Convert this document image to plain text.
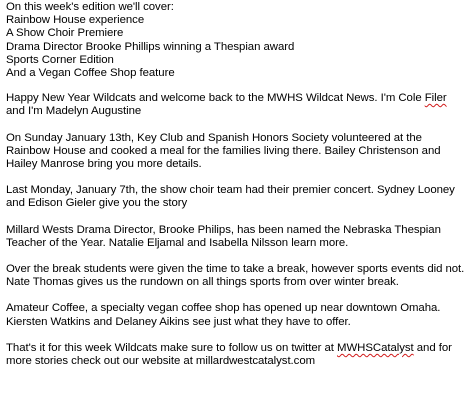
On this week's edition we'll cover:
Rainbow House experience
A Show Choir Premiere
Drama Director Brooke Phillips winning a Thespian award
Sports Corner Edition
And a Vegan Coffee Shop feature

Happy New Year Wildcats and welcome back to the MWHS Wildcat News. I'm Cole Filer and I'm Madelyn Augustine

On Sunday January 13th, Key Club and Spanish Honors Society volunteered at the Rainbow House and cooked a meal for the families living there. Bailey Christenson and Hailey Manrose bring you more details.

Last Monday, January 7th, the show choir team had their premier concert. Sydney Looney and Edison Gieler give you the story

Millard Wests Drama Director, Brooke Philips, has been named the Nebraska Thespian Teacher of the Year. Natalie Eljamal and Isabella Nilsson learn more.

Over the break students were given the time to take a break, however sports events did not. Nate Thomas gives us the rundown on all things sports from over winter break.

Amateur Coffee, a specialty vegan coffee shop has opened up near downtown Omaha. Kiersten Watkins and Delaney Aikins see just what they have to offer.

That's it for this week Wildcats make sure to follow us on twitter at MWHSCatalyst and for more stories check out our website at millardwestcatalyst.com
